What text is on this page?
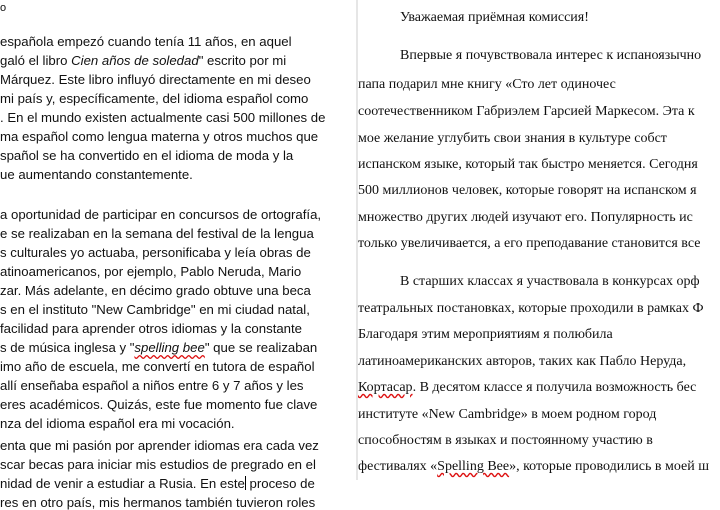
o
española empezó cuando tenía 11 años, en aquel
galó el libro Cien años de soledad" escrito por mi
Márquez. Este libro influyó directamente en mi deseo
mi país y, específicamente, del idioma español como
. En el mundo existen actualmente casi 500 millones de
ma español como lengua materna y otros muchos que
spañol se ha convertido en el idioma de moda y la
ue aumentando constantemente.
a oportunidad de participar en concursos de ortografía,
e se realizaban en la semana del festival de la lengua
s culturales yo actuaba, personificaba y leía obras de
atinoamericanos, por ejemplo, Pablo Neruda, Mario
zar. Más adelante, en décimo grado obtuve una beca
s en el instituto "New Cambridge" en mi ciudad natal,
facilidad para aprender otros idiomas y la constante
s de música inglesa y "spelling bee" que se realizaban
imo año de escuela, me convertí en tutora de español
allí enseñaba español a niños entre 6 y 7 años y les
eres académicos. Quizás, este fue momento fue clave
nza del idioma español era mi vocación.
enta que mi pasión por aprender idiomas era cada vez
scar becas para iniciar mis estudios de pregrado en el
nidad de venir a estudiar a Rusia. En este proceso de
res en otro país, mis hermanos también tuvieron roles
Уважаемая приёмная комиссия!
Впервые я почувствовала интерес к испаноязычно
папа подарил мне книгу «Сто лет одиночес
соотечественником Габриэлем Гарсией Маркесом. Эта к
мое желание углубить свои знания в культуре собст
испанском языке, который так быстро меняется. Сегодня
500 миллионов человек, которые говорят на испанском я
множество других людей изучают его. Популярность ис
только увеличивается, а его преподавание становится все
В старших классах я участвовала в конкурсах орф
театральных постановках, которые проходили в рамках Ф
Благодаря этим мероприятиям я полюбила
латиноамериканских авторов, таких как Пабло Неруда,
Кортасар. В десятом классе я получила возможность бес
институте «New Cambridge» в моем родном город
способностям в языках и постоянному участию в
фестивалях «Spelling Bee», которые проводились в моей ш
